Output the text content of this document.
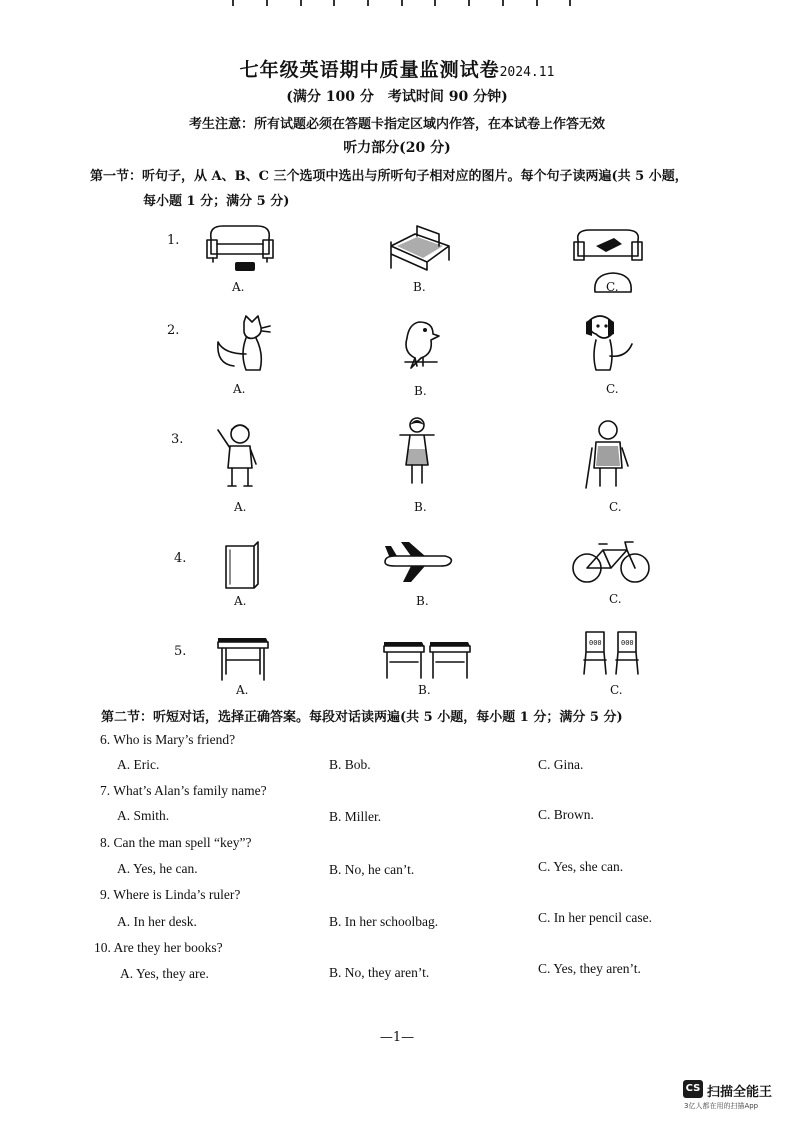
七年级英语期中质量监测试卷2024.11
(满分 100 分　考试时间 90 分钟)
考生注意：所有试题必须在答题卡指定区域内作答，在本试卷上作答无效
听力部分(20 分)
第一节：听句子，从 A、B、C 三个选项中选出与所听句子相对应的图片。每个句子读两遍(共 5 小题，
每小题 1 分；满分 5 分)
1.
A.	B.	C.
2.
A.	B.	C.
3.
A.	B.	C.
4.
A.	B.	C.
5.
A.	B.
000	000
C.
第二节：听短对话，选择正确答案。每段对话读两遍(共 5 小题，每小题 1 分；满分 5 分)
6. Who is Mary’s friend?
A. Eric.	B. Bob.	C. Gina.
7. What’s Alan’s family name?
A. Smith.	B. Miller.	C. Brown.
8. Can the man spell “key”?
A. Yes, he can.	B. No, he can’t.	C. Yes, she can.
9. Where is Linda’s ruler?
A. In her desk.	B. In her schoolbag.	C. In her pencil case.
10. Are they her books?
A. Yes, they are.	B. No, they aren’t.	C. Yes, they aren’t.
—1—
CS 扫描全能王
3亿人都在用的扫描App
